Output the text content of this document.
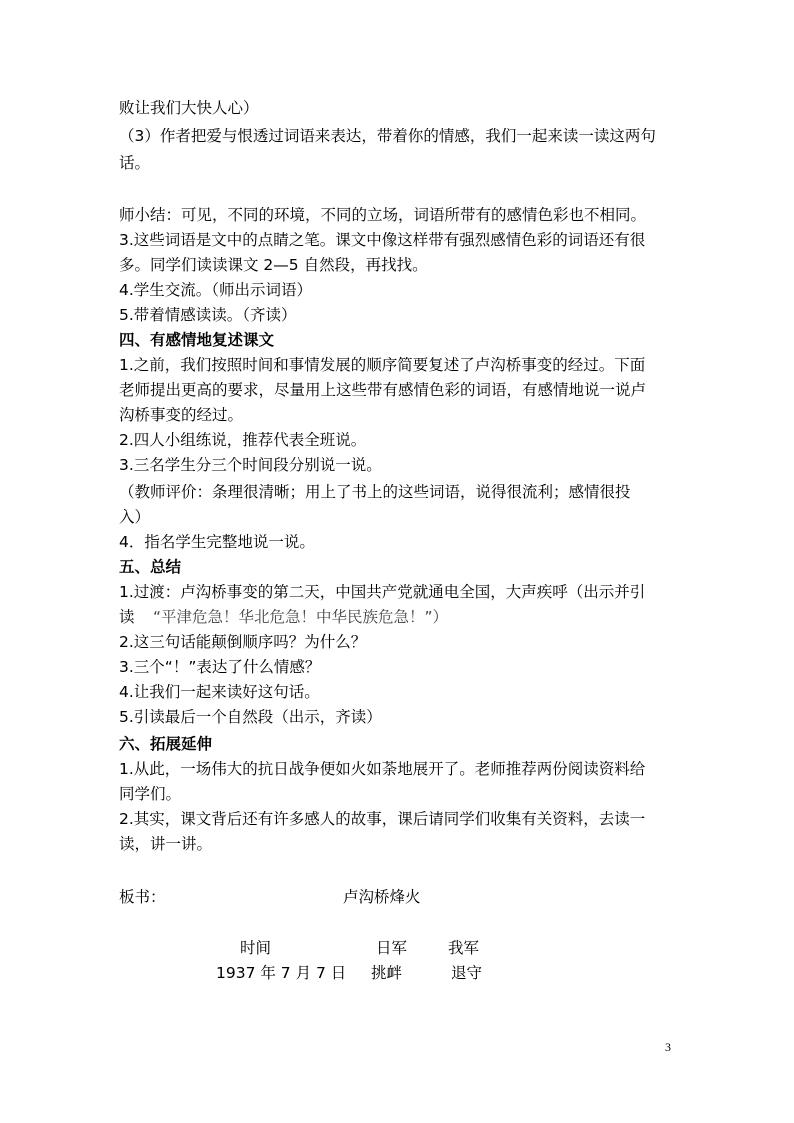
败让我们大快人心）
（3）作者把爱与恨透过词语来表达，带着你的情感，我们一起来读一读这两句
话。
师小结：可见，不同的环境，不同的立场，词语所带有的感情色彩也不相同。
3.这些词语是文中的点睛之笔。课文中像这样带有强烈感情色彩的词语还有很
多。同学们读读课文 2—5 自然段，再找找。
4.学生交流。（师出示词语）
5.带着情感读读。（齐读）
四、有感情地复述课文
1.之前，我们按照时间和事情发展的顺序简要复述了卢沟桥事变的经过。下面
老师提出更高的要求，尽量用上这些带有感情色彩的词语，有感情地说一说卢
沟桥事变的经过。
2.四人小组练说，推荐代表全班说。
3.三名学生分三个时间段分别说一说。
（教师评价：条理很清晰；用上了书上的这些词语，说得很流利；感情很投
入）
4．指名学生完整地说一说。
五、总结
1.过渡：卢沟桥事变的第二天，中国共产党就通电全国，大声疾呼（出示并引
读 “平津危急！华北危急！中华民族危急！”）
2.这三句话能颠倒顺序吗？为什么？
3.三个“！”表达了什么情感？
4.让我们一起来读好这句话。
5.引读最后一个自然段（出示，齐读）
六、拓展延伸
1.从此，一场伟大的抗日战争便如火如荼地展开了。老师推荐两份阅读资料给
同学们。
2.其实，课文背后还有许多感人的故事，课后请同学们收集有关资料，去读一
读，讲一讲。
板书：	卢沟桥烽火
时间	日军	我军
1937 年 7 月 7 日 挑衅	退守
3
